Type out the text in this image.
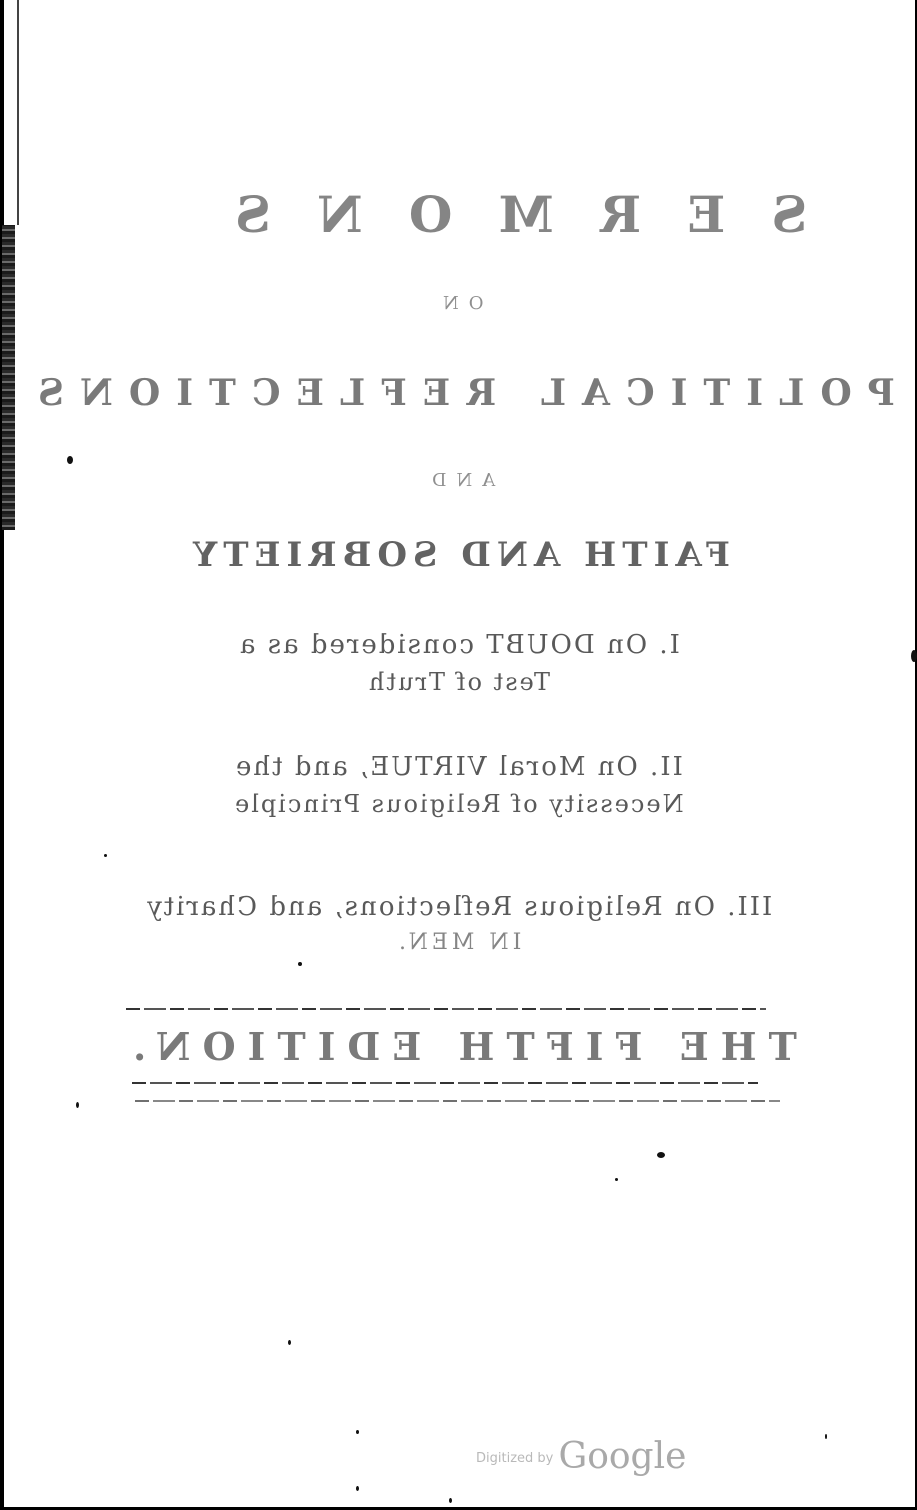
SERMONS
ON
POLITICAL REFLECTIONS
AND
FAITH AND SOBRIETY
I. On DOUBT considered as a
Test of Truth
II. On Moral VIRTUE, and the
Necessity of Religious Principle
III. On Religious Reflections, and Charity
IN MEN.
THE FIFTH EDITION.
$^{Digitized by}$ Google
